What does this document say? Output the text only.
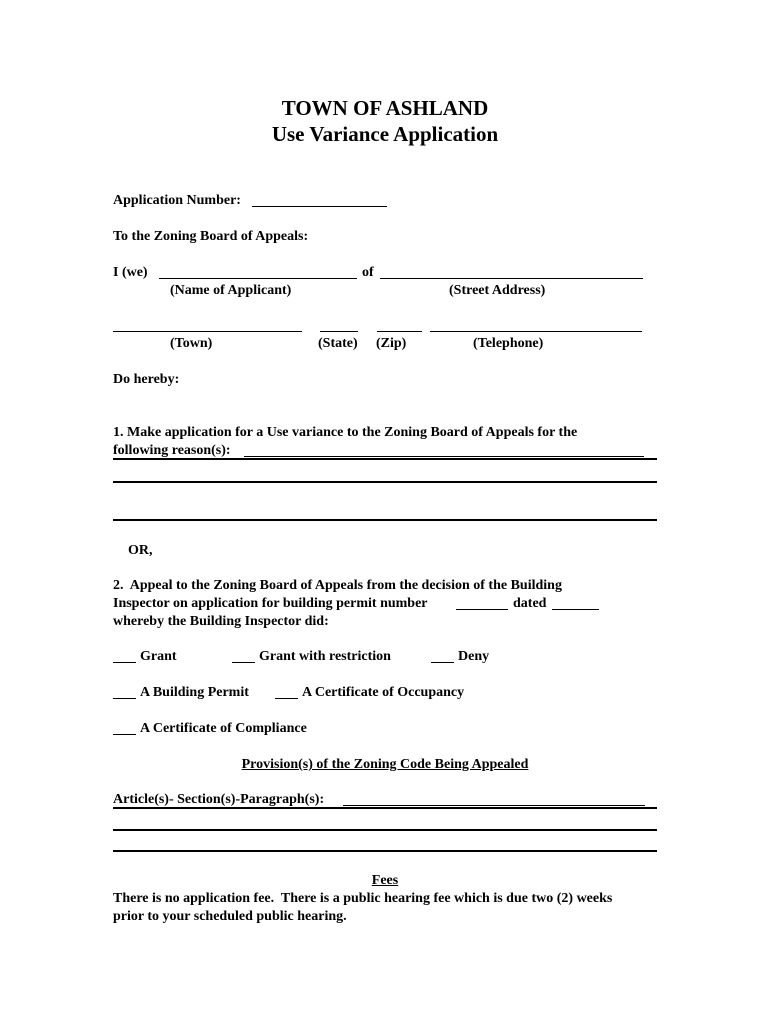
TOWN OF ASHLAND
Use Variance Application
Application Number:
To the Zoning Board of Appeals:
I (we)	of
(Name of Applicant)	(Street Address)
(Town)	(State) (Zip)	(Telephone)
Do hereby:
1. Make application for a Use variance to the Zoning Board of Appeals for the
following reason(s):
OR,
2.  Appeal to the Zoning Board of Appeals from the decision of the Building
Inspector on application for building permit number	dated
whereby the Building Inspector did:
Grant	Grant with restriction	Deny
A Building Permit	A Certificate of Occupancy
A Certificate of Compliance
Provision(s) of the Zoning Code Being Appealed
Article(s)- Section(s)-Paragraph(s):
Fees
There is no application fee.  There is a public hearing fee which is due two (2) weeks
prior to your scheduled public hearing.
